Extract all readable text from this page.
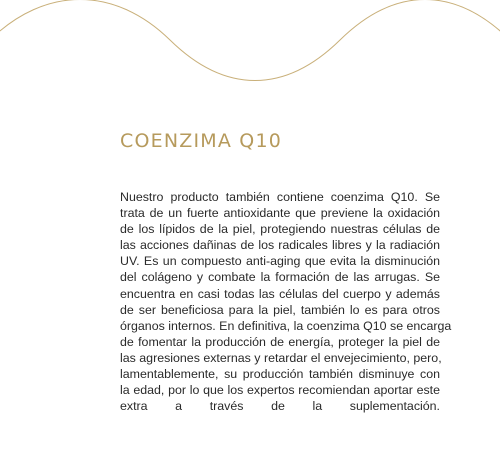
COENZIMA Q10
Nuestro producto también contiene coenzima Q10. Se
trata de un fuerte antioxidante que previene la oxidación
de los lípidos de la piel, protegiendo nuestras células de
las acciones dañinas de los radicales libres y la radiación
UV. Es un compuesto anti-aging que evita la disminución
del colágeno y combate la formación de las arrugas. Se
encuentra en casi todas las células del cuerpo y además
de ser beneficiosa para la piel, también lo es para otros
órganos internos. En definitiva, la coenzima Q10 se encarga
de fomentar la producción de energía, proteger la piel de
las agresiones externas y retardar el envejecimiento, pero,
lamentablemente, su producción también disminuye con
la edad, por lo que los expertos recomiendan aportar este
extra a través de la suplementación.
